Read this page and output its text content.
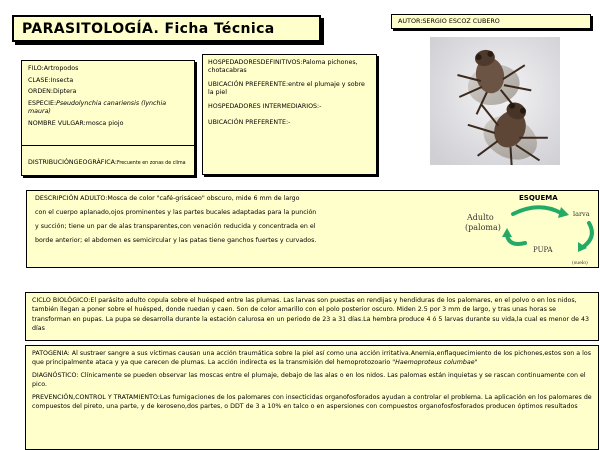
PARASITOLOGÍA. Ficha Técnica	AUTOR:SERGIO ESCOZ CUBERO
FILO:Artropodos
CLASE:Insecta
ORDEN:Diptera
ESPECIE:Pseudolynchia canariensis (lynchia maura)
NOMBRE VULGAR:mosca piojo
DISTRIBUCIÓNGEOGRÁFICA:Frecuente en zonas de clima
HOSPEDADORESDEFINITIVOS:Paloma pichones, chotacabras
UBICACIÓN PREFERENTE:entre el plumaje y sobre la piel
HOSPEDADORES INTERMEDIARIOS:-
UBICACIÓN PREFERENTE:-
DESCRIPCIÓN ADULTO:Mosca de color "café-grisáceo" obscuro, mide 6 mm de largo
con el cuerpo aplanado,ojos prominentes y las partes bucales adaptadas para la punción
y succión; tiene un par de alas transparentes,con venación reducida y concentrada en el
borde anterior; el abdomen es semicircular y las patas tiene ganchos fuertes y curvados.
ESQUEMA
Adulto
(paloma)
larva
PUPA
(suelo)
CICLO BIOLÓGICO:El parásito adulto copula sobre el huésped entre las plumas. Las larvas son puestas en rendijas y hendiduras de los palomares, en el polvo o en los nidos, también llegan a poner sobre el huésped, donde ruedan y caen. Son de color amarillo con el polo posterior oscuro. Miden 2.5 por 3 mm de largo, y tras unas horas se transforman en pupas. La pupa se desarrolla durante la estación calurosa en un periodo de 23 a 31 días.La hembra produce 4 ó 5 larvas durante su vida,la cual es menor de 43 días
PATOGENIA: Al sustraer sangre a sus víctimas causan una acción traumática sobre la piel así como una acción irritativa.Anemia,enflaquecimiento de los pichones,estos son a los que principalmente ataca y ya que carecen de plumas. La acción indirecta es la transmisión del hemoprotozoario "Haemoproteus columbae"
DIAGNÓSTICO: Clínicamente se pueden observar las moscas entre el plumaje, debajo de las alas o en los nidos. Las palomas están inquietas y se rascan continuamente con el pico.
PREVENCIÓN,CONTROL Y TRATAMIENTO:Las fumigaciones de los palomares con insecticidas organofosforados ayudan a controlar el problema. La aplicación en los palomares de compuestos del pireto, una parte, y de keroseno,dos partes, o DDT de 3 a 10% en talco o en aspersiones con compuestos organofosfosforados producen óptimos resultados
